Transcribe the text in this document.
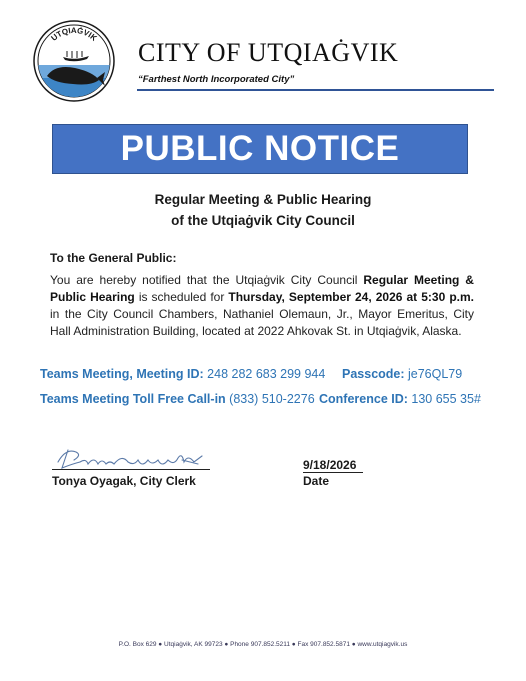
UTQIAĠVIK
CITY OF UTQIAĠVIK
“Farthest North Incorporated City”
PUBLIC NOTICE
Regular Meeting & Public Hearing
of the Utqiaġvik City Council
To the General Public:
You are hereby notified that the Utqiaġvik City Council Regular Meeting & Public Hearing is scheduled for Thursday, September 24, 2026 at 5:30 p.m. in the City Council Chambers, Nathaniel Olemaun, Jr., Mayor Emeritus, City Hall Administration Building, located at 2022 Ahkovak St. in Utqiaġvik, Alaska.
Teams Meeting, Meeting ID: 248 282 683 299 944 Passcode: je76QL79
Teams Meeting Toll Free Call-in (833) 510-2276 Conference ID: 130 655 35#
Tonya Oyagak, City Clerk
9/18/2026
Date
P.O. Box 629 ● Utqiaġvik, AK 99723 ● Phone 907.852.5211 ● Fax 907.852.5871 ● www.utqiagvik.us
